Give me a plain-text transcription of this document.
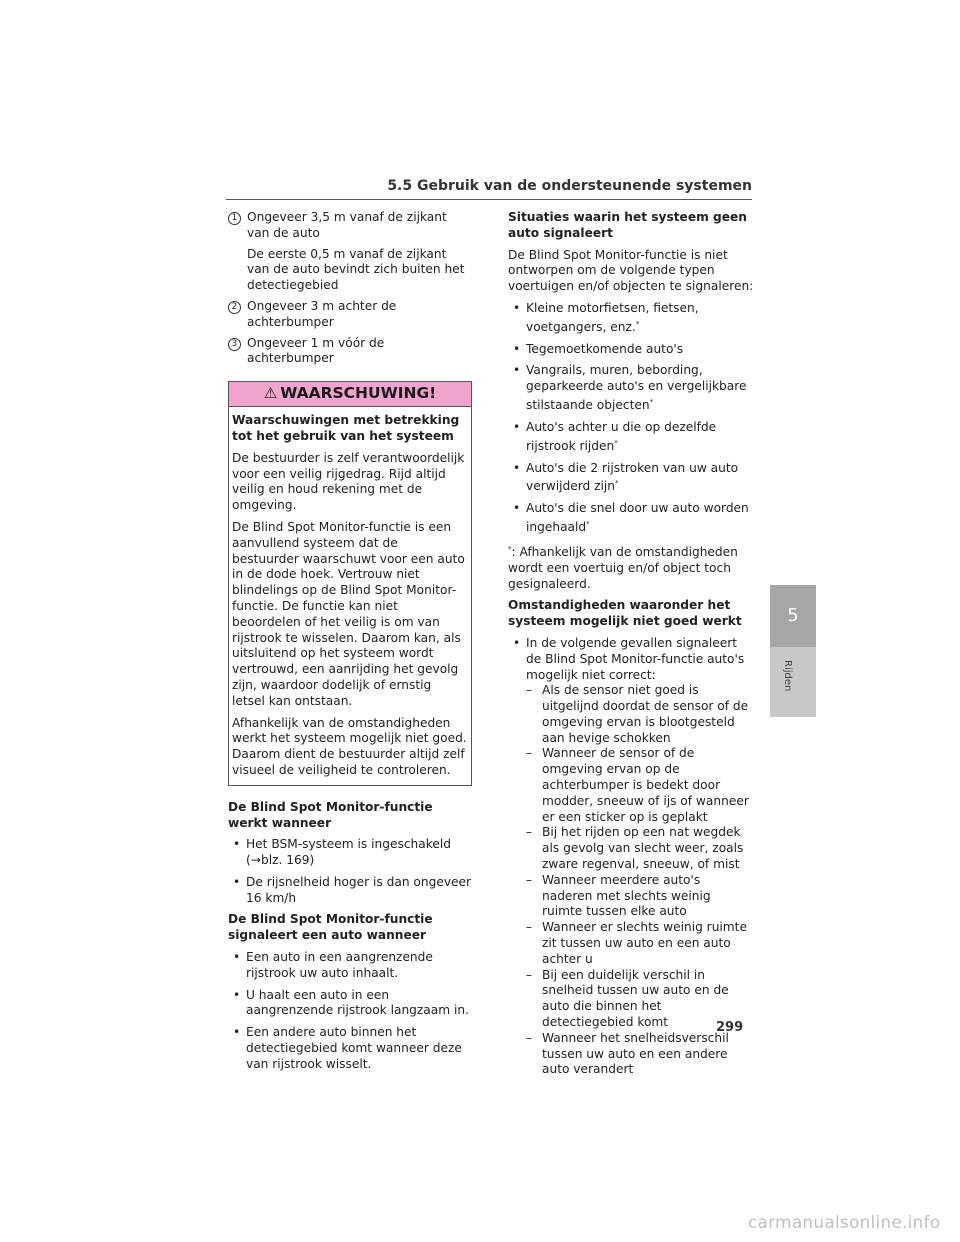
5.5 Gebruik van de ondersteunende systemen
1 Ongeveer 3,5 m vanaf de zijkant van de auto
De eerste 0,5 m vanaf de zijkant van de auto bevindt zich buiten het detectiegebied
2 Ongeveer 3 m achter de achterbumper
3 Ongeveer 1 m vóór de achterbumper
⚠ WAARSCHUWING!

Waarschuwingen met betrekking tot het gebruik van het systeem

De bestuurder is zelf verantwoordelijk voor een veilig rijgedrag. Rijd altijd veilig en houd rekening met de omgeving.

De Blind Spot Monitor-functie is een aanvullend systeem dat de bestuurder waarschuwt voor een auto in de dode hoek. Vertrouw niet blindelings op de Blind Spot Monitor-functie. De functie kan niet beoordelen of het veilig is om van rijstrook te wisselen. Daarom kan, als uitsluitend op het systeem wordt vertrouwd, een aanrijding het gevolg zijn, waardoor dodelijk of ernstig letsel kan ontstaan.

Afhankelijk van de omstandigheden werkt het systeem mogelijk niet goed. Daarom dient de bestuurder altijd zelf visueel de veiligheid te controleren.

De Blind Spot Monitor-functie werkt wanneer

• Het BSM-systeem is ingeschakeld (→blz. 169)
• De rijsnelheid hoger is dan ongeveer 16 km/h

De Blind Spot Monitor-functie signaleert een auto wanneer

• Een auto in een aangrenzende rijstrook uw auto inhaalt.
• U haalt een auto in een aangrenzende rijstrook langzaam in.
• Een andere auto binnen het detectiegebied komt wanneer deze van rijstrook wisselt.

Situaties waarin het systeem geen auto signaleert

De Blind Spot Monitor-functie is niet ontworpen om de volgende typen voertuigen en/of objecten te signaleren:

• Kleine motorfietsen, fietsen, voetgangers, enz.*
• Tegemoetkomende auto's
• Vangrails, muren, bebording, geparkeerde auto's en vergelijkbare stilstaande objecten*
• Auto's achter u die op dezelfde rijstrook rijden*
• Auto's die 2 rijstroken van uw auto verwijderd zijn*
• Auto's die snel door uw auto worden ingehaald*

*: Afhankelijk van de omstandigheden wordt een voertuig en/of object toch gesignaleerd.

Omstandigheden waaronder het systeem mogelijk niet goed werkt

• In de volgende gevallen signaleert de Blind Spot Monitor-functie auto's mogelijk niet correct:
– Als de sensor niet goed is uitgelijnd doordat de sensor of de omgeving ervan is blootgesteld aan hevige schokken
– Wanneer de sensor of de omgeving ervan op de achterbumper is bedekt door modder, sneeuw of ijs of wanneer er een sticker op is geplakt
– Bij het rijden op een nat wegdek als gevolg van slecht weer, zoals zware regenval, sneeuw, of mist
– Wanneer meerdere auto's naderen met slechts weinig ruimte tussen elke auto
– Wanneer er slechts weinig ruimte zit tussen uw auto en een auto achter u
– Bij een duidelijk verschil in snelheid tussen uw auto en de auto die binnen het detectiegebied komt
– Wanneer het snelheidsverschil tussen uw auto en een andere auto verandert
5
Rijden
299
carmanualsonline.info
